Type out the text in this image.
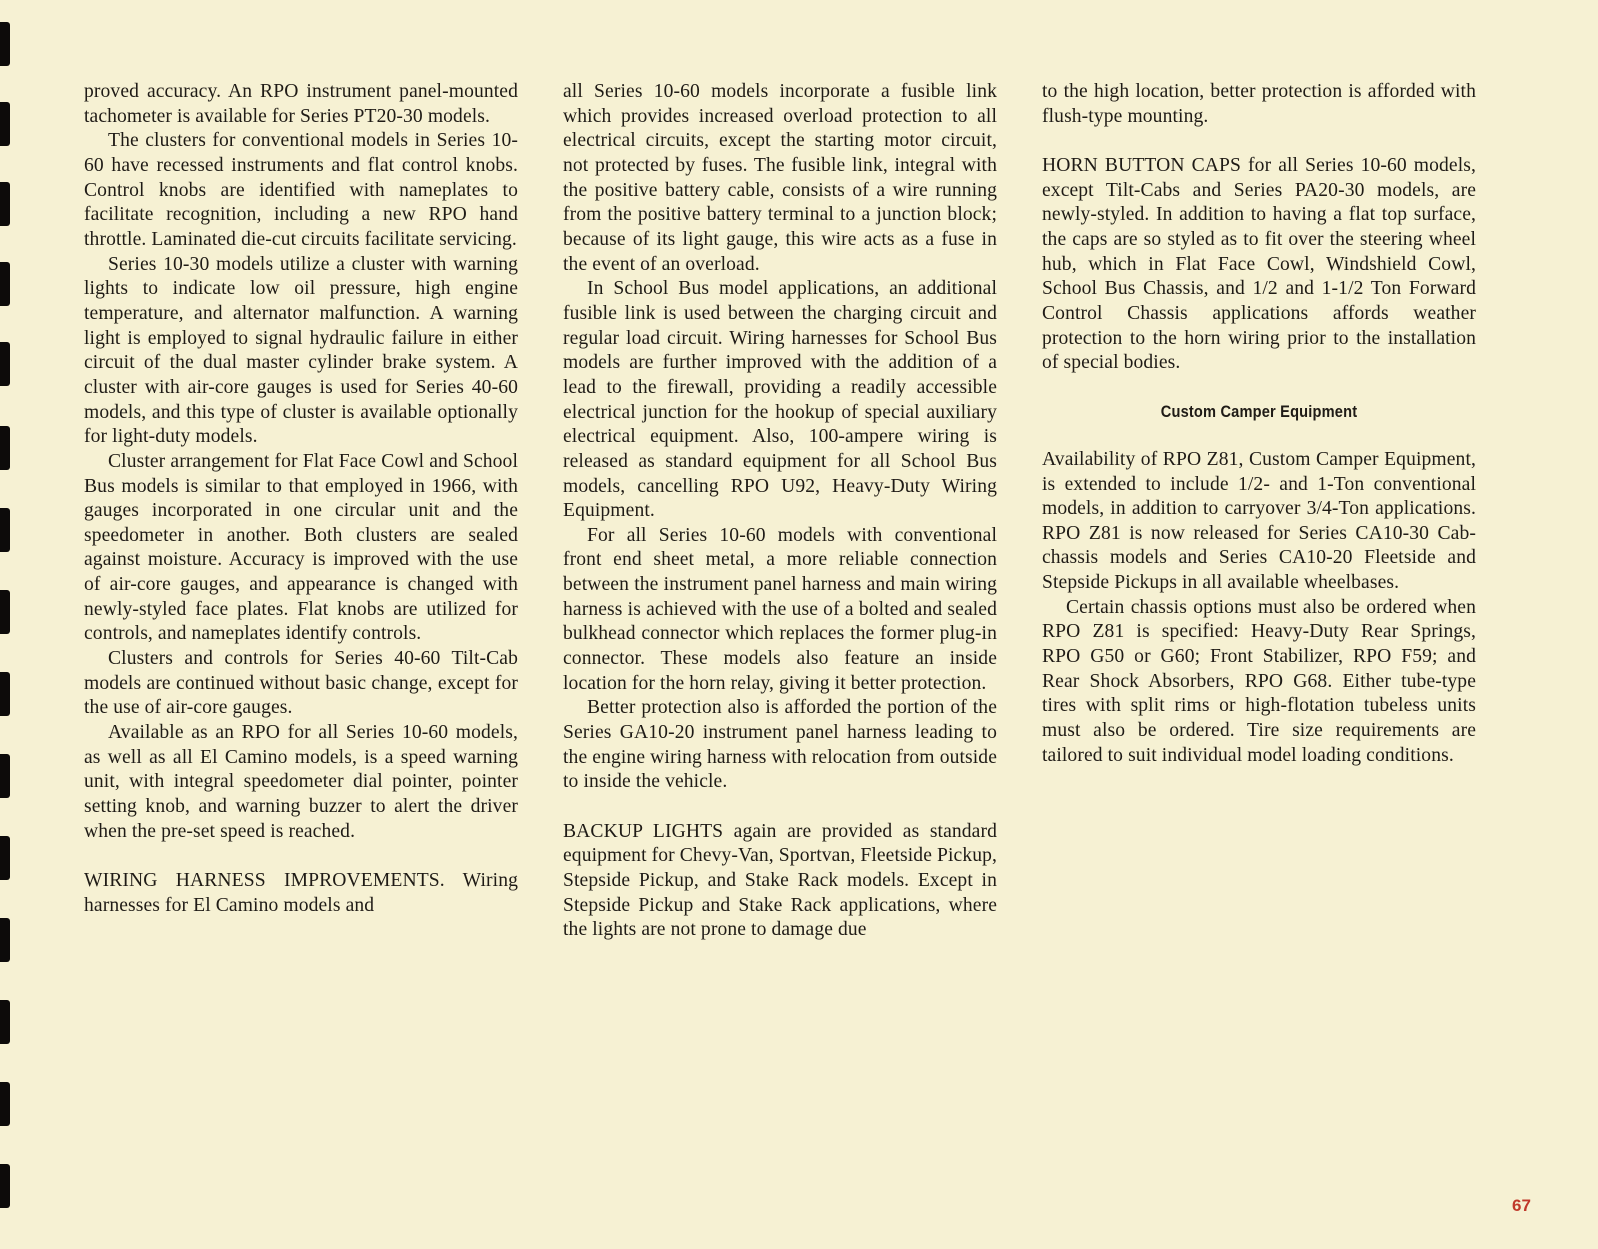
proved accuracy. An RPO instrument panel-mounted tachometer is available for Series PT20-30 models.

The clusters for conventional models in Series 10-60 have recessed instruments and flat control knobs. Control knobs are identified with nameplates to facilitate recognition, including a new RPO hand throttle. Laminated die-cut circuits facilitate servicing.

Series 10-30 models utilize a cluster with warning lights to indicate low oil pressure, high engine temperature, and alternator malfunction. A warning light is employed to signal hydraulic failure in either circuit of the dual master cylinder brake system. A cluster with air-core gauges is used for Series 40-60 models, and this type of cluster is available optionally for light-duty models.

Cluster arrangement for Flat Face Cowl and School Bus models is similar to that employed in 1966, with gauges incorporated in one circular unit and the speedometer in another. Both clusters are sealed against moisture. Accuracy is improved with the use of air-core gauges, and appearance is changed with newly-styled face plates. Flat knobs are utilized for controls, and nameplates identify controls.

Clusters and controls for Series 40-60 Tilt-Cab models are continued without basic change, except for the use of air-core gauges.

Available as an RPO for all Series 10-60 models, as well as all El Camino models, is a speed warning unit, with integral speedometer dial pointer, pointer setting knob, and warning buzzer to alert the driver when the pre-set speed is reached.

WIRING HARNESS IMPROVEMENTS. Wiring harnesses for El Camino models and

all Series 10-60 models incorporate a fusible link which provides increased overload protection to all electrical circuits, except the starting motor circuit, not protected by fuses. The fusible link, integral with the positive battery cable, consists of a wire running from the positive battery terminal to a junction block; because of its light gauge, this wire acts as a fuse in the event of an overload.

In School Bus model applications, an additional fusible link is used between the charging circuit and regular load circuit. Wiring harnesses for School Bus models are further improved with the addition of a lead to the firewall, providing a readily accessible electrical junction for the hookup of special auxiliary electrical equipment. Also, 100-ampere wiring is released as standard equipment for all School Bus models, cancelling RPO U92, Heavy-Duty Wiring Equipment.

For all Series 10-60 models with conventional front end sheet metal, a more reliable connection between the instrument panel harness and main wiring harness is achieved with the use of a bolted and sealed bulkhead connector which replaces the former plug-in connector. These models also feature an inside location for the horn relay, giving it better protection.

Better protection also is afforded the portion of the Series GA10-20 instrument panel harness leading to the engine wiring harness with relocation from outside to inside the vehicle.

BACKUP LIGHTS again are provided as standard equipment for Chevy-Van, Sportvan, Fleetside Pickup, Stepside Pickup, and Stake Rack models. Except in Stepside Pickup and Stake Rack applications, where the lights are not prone to damage due

to the high location, better protection is afforded with flush-type mounting.

HORN BUTTON CAPS for all Series 10-60 models, except Tilt-Cabs and Series PA20-30 models, are newly-styled. In addition to having a flat top surface, the caps are so styled as to fit over the steering wheel hub, which in Flat Face Cowl, Windshield Cowl, School Bus Chassis, and 1/2 and 1-1/2 Ton Forward Control Chassis applications affords weather protection to the horn wiring prior to the installation of special bodies.

Custom Camper Equipment

Availability of RPO Z81, Custom Camper Equipment, is extended to include 1/2- and 1-Ton conventional models, in addition to carryover 3/4-Ton applications. RPO Z81 is now released for Series CA10-30 Cab-chassis models and Series CA10-20 Fleetside and Stepside Pickups in all available wheelbases.

Certain chassis options must also be ordered when RPO Z81 is specified: Heavy-Duty Rear Springs, RPO G50 or G60; Front Stabilizer, RPO F59; and Rear Shock Absorbers, RPO G68. Either tube-type tires with split rims or high-flotation tubeless units must also be ordered. Tire size requirements are tailored to suit individual model loading conditions.

67
